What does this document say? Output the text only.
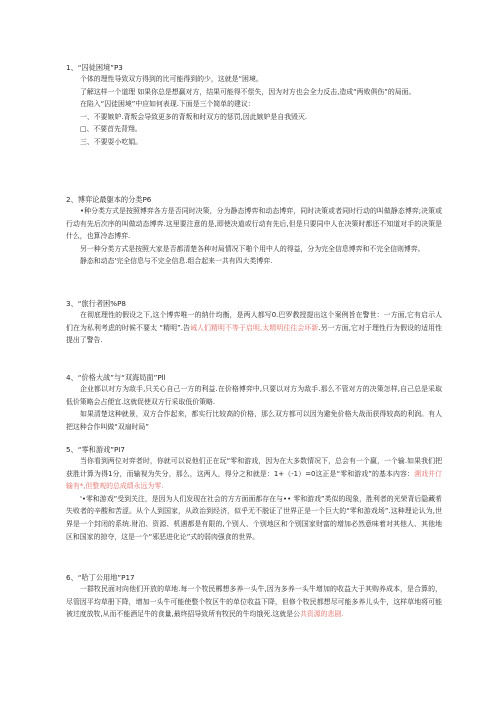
1、“囚徒困境”P3
个体的理性导致双方得到的比可能得到的少，这就是“困境。
了解这样一个道理 如果你总是想赢对方，结果可能得不偿失，因为对方也会全力反击,造成“两败俱伤”的局面。
在陷入“囚徒困境”中应如何表现.下面是三个简单的建议：
一、不要嫉妒.背叛会导致更多的背叛和时双方的惩罚,因此嫉妒是自我毁灭.
□、不要首先背翔。
三、不要耍小吃娟。
2、博弈论最躯本的分类P6
•种分类方式是按照博弈各方是否同时决策，分为静态博弈和动态博弈，同时决策或者同时行动的叫做静态博弈;决策或行动有先后次序的叫做动态博弈.这里要注意的是,即使决道或行动有先后,但是只要同中人在决策时都还不知道对手的决策是什么，也算冷态博弈.
另一种分类方式是按照大家是否都清楚各种对局情况下啪个用中人的得益，分为完全信息博弈和不完全信则博弈。
静态和动态'完全信息与不完全信息.组合起来一共有四大类博弈.
3、“旅行者困%P8
在彻底理性的假设之下,这个博弈唯一的纳什均衡，是两人都写0.巴罗教授提出这个案例旨在警世：一方面,它有启示人们在为私利考虑的时候不要太 “精明”.告诫人们精明不等于启明,太精明往往会坏新.另一方面,它对于理性行为假设的适用性提出了警告.
4、“价格大战”与“双海局面”Pll
企业都以对方为敌手,只关心自己一方的利益.在价格博弈中,只要以对方为敌手.那么不管对方的决策怎样,自己总是采取低价策略会占便宜.这就促使双方行采取低价策略.
如果清楚这种就景，双方合作起来，都实行比较高的价格，那么双方都可以因为避免价格大战而获得较高的利润。有人把这种合作叫做“双扇时局”
5、“零和游戏”PI7
当你看到两位对弈者时，你就可以说他们正在玩“零和游戏，因为在大多数情况下，总会有一个赢，一个输.如果我们把获胜计算为得1分，而输视为失分，那么，这两人，得分之和就是：1+（-1）=0这正是“零和游戏”的基本内容：溯戏并仃输有*,但整观的总成绩永远为零.
'•零和游戏”受到关注，是因为人们发现在社会的方方面面都存在与•• 零和游戏”类似的现象，胜利者的光荣背后隐藏希失败者的辛酸和苦涩。从个人到国家，从政治到经济，似乎无不脱证了世界正是一个巨大的“零和游戏场”.这种理论认为,世界是一个封闭的系统.财泊、资源、机遇都是有限的,个别人、个别地区和个别国家财富的增加必然意味着对其他人、其他地区和国家的掠夺，这是一个“邪恶进化论”式的弱肉强食的世界。
6、“哈丁公用地”P17
一群牧民面对向他们开放的草地.每一个牧民郴想多养一头牛,因为多养一头牛增加的收益大于其购养成本，是合算的，尽管因平均草册下降，增加一头牛可能使整个牧区牛的单位收益下降，但修个牧民都想尽可能多养儿头牛，这样草地将可能被过度放牧,从而不能酒足牛的食量,最终招导致所有牧民的牛均饿死.这就是公共资源的悲剧.
